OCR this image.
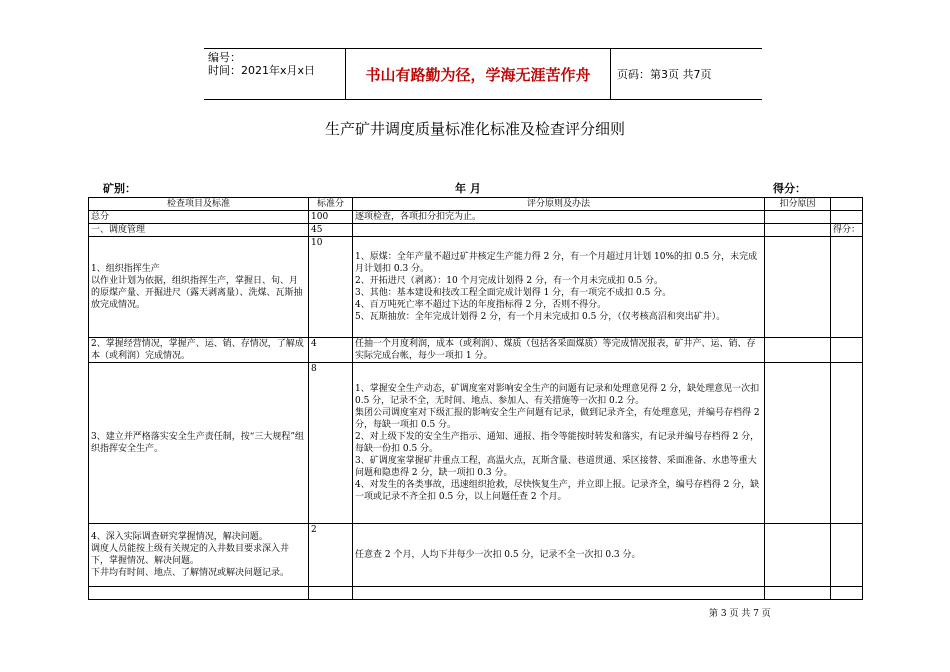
编号：
时间：2021年x月x日	书山有路勤为径，学海无涯苦作舟	页码：第3页 共7页
生产矿井调度质量标准化标准及检查评分细则
矿别：	年 月	得分：
检查项目及标准	标准分	评分原则及办法	扣分原因	
总分	100	逐项检查，各项扣分扣完为止。		
一、调度管理	45			得分：

1、组织指挥生产
以作业计划为依据，组织指挥生产，掌握日、旬、月的原煤产量、开掘进尺（露天剥离量）、洗煤、瓦斯抽放完成情况。	10	1、原煤：全年产量不超过矿井核定生产能力得 2 分，有一个月超过月计划 10%的扣 0.5 分，未完成月计划扣 0.3 分。
2、开拓进尺（剥离）：10 个月完成计划得 2 分，有一个月未完成扣 0.5 分。
3、其他：基本建设和技改工程全面完成计划得 1 分，有一项完不成扣 0.5 分。
4、百万吨死亡率不超过下达的年度指标得 2 分，否则不得分。
5、瓦斯抽放：全年完成计划得 2 分，有一个月未完成扣 0.5 分，（仅考核高沼和突出矿井）。		

2、掌握经营情况，掌握产、运、销、存情况，了解成本（或利润）完成情况。	4	任抽一个月度利润，成本（或利润）、煤质（包括各采面煤质）等完成情况报表，矿井产、运、销、存实际完成台帐，每少一项扣 1 分。		
3、建立并严格落实安全生产责任制，按“三大规程”组织指挥安全生产。	8	1、掌握安全生产动态，矿调度室对影响安全生产的问题有记录和处理意见得 2 分，缺处理意见一次扣 0.5 分，记录不全，无时间、地点、参加人、有关措施等一次扣 0.2 分。
集团公司调度室对下级汇报的影响安全生产问题有记录，做到记录齐全，有处理意见，并编号存档得 2 分，每缺一项扣 0.5 分。
2、对上级下发的安全生产指示、通知、通报、指令等能按时转发和落实，有记录并编号存档得 2 分，每缺一份扣 0.5 分。
3、矿调度室掌握矿井重点工程，高温火点，瓦斯含量、巷道贯通、采区接替、采面准备、水患等重大问题和隐患得 2 分，缺一项扣 0.3 分。
4、对发生的各类事故，迅速组织抢救，尽快恢复生产，并立即上报。记录齐全，编号存档得 2 分，缺一项或记录不齐全扣 0.5 分，以上问题任查 2 个月。		

4、深入实际调查研究掌握情况，解决问题。
调度人员能按上级有关规定的入井数目要求深入井下，掌握情况、解决问题。
下井均有时间、地点、了解情况或解决问题记录。	2	任意查 2 个月，人均下井每少一次扣 0.5 分，记录不全一次扣 0.3 分。		

第 3 页 共 7 页
